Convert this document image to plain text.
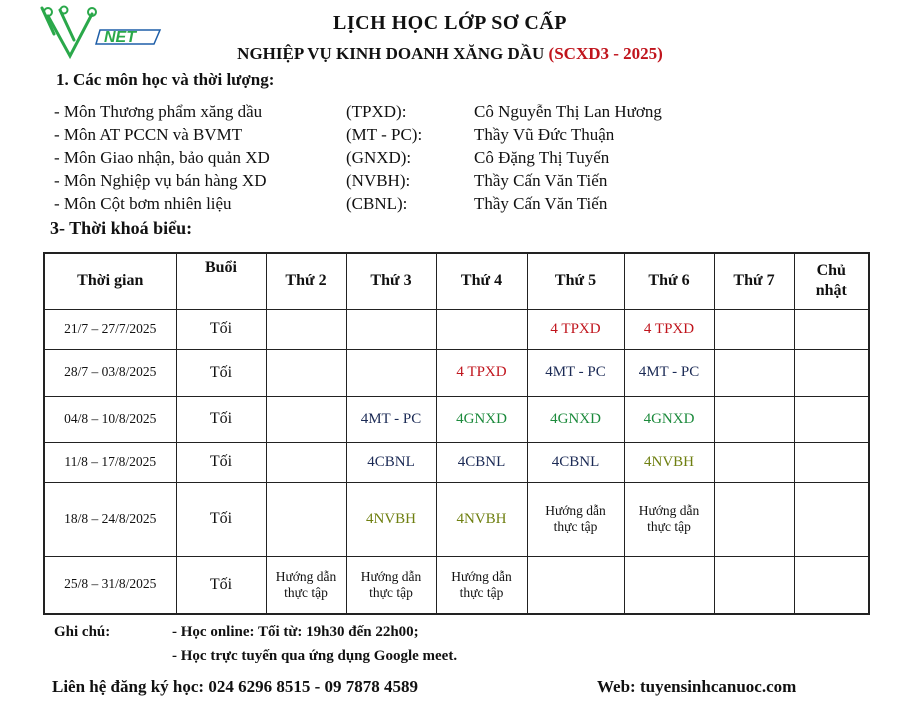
NET
LỊCH HỌC LỚP SƠ CẤP
NGHIỆP VỤ KINH DOANH XĂNG DẦU (SCXD3 - 2025)
1. Các môn học và thời lượng:
- Môn Thương phẩm xăng dầu	(TPXD):	Cô Nguyễn Thị Lan Hương
- Môn AT PCCN và BVMT	(MT - PC):	Thầy Vũ Đức Thuận
- Môn Giao nhận, bảo quản XD	(GNXD):	Cô Đặng Thị Tuyến
- Môn Nghiệp vụ bán hàng XD	(NVBH):	Thầy Cấn Văn Tiến
- Môn Cột bơm nhiên liệu	(CBNL):	Thầy Cấn Văn Tiến
3- Thời khoá biểu:
Thời gian	Buổi	Thứ 2	Thứ 3	Thứ 4	Thứ 5	Thứ 6	Thứ 7	Chủ nhật
21/7 – 27/7/2025	Tối				4 TPXD	4 TPXD		
28/7 – 03/8/2025	Tối			4 TPXD	4MT - PC	4MT - PC		
04/8 – 10/8/2025	Tối		4MT - PC	4GNXD	4GNXD	4GNXD		
11/8 – 17/8/2025	Tối		4CBNL	4CBNL	4CBNL	4NVBH		
18/8 – 24/8/2025	Tối		4NVBH	4NVBH	Hướng dẫn thực tập	Hướng dẫn thực tập		
25/8 – 31/8/2025	Tối	Hướng dẫn thực tập	Hướng dẫn thực tập	Hướng dẫn thực tập				
Ghi chú:	- Học online: Tối từ: 19h30 đến 22h00;
- Học trực tuyến qua ứng dụng Google meet.
Liên hệ đăng ký học: 024 6296 8515 - 09 7878 4589	Web: tuyensinhcanuoc.com
